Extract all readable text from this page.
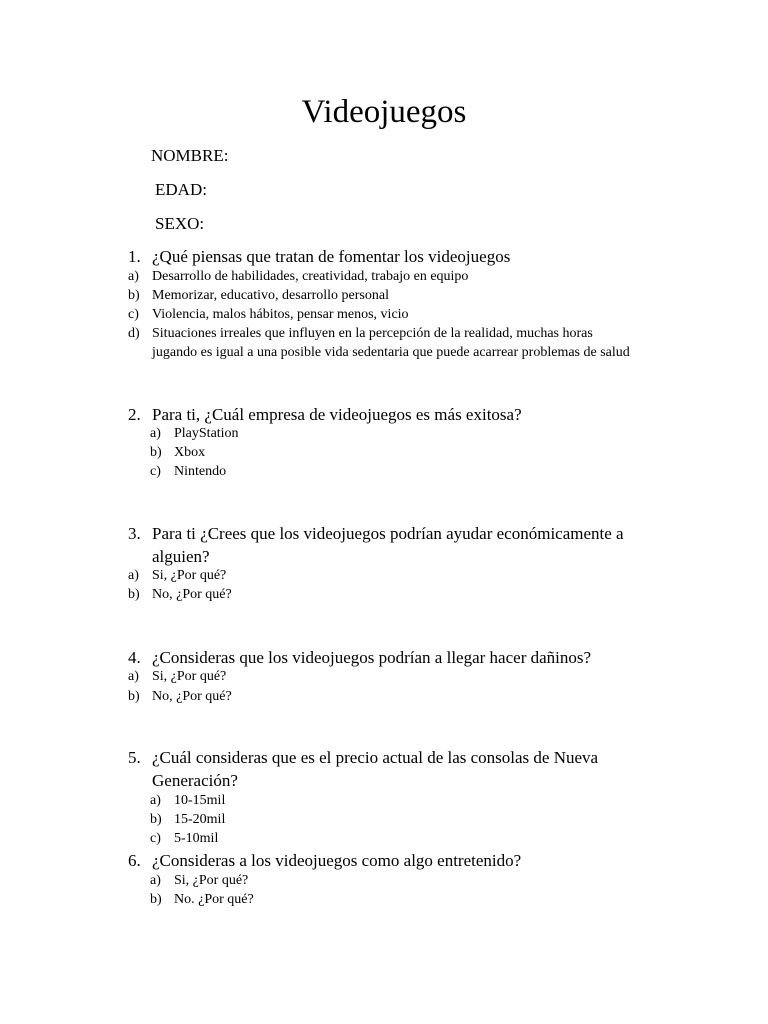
Videojuegos
NOMBRE:
EDAD:
SEXO:
1. ¿Qué piensas que tratan de fomentar los videojuegos
a) Desarrollo de habilidades, creatividad, trabajo en equipo
b) Memorizar, educativo, desarrollo personal
c) Violencia, malos hábitos, pensar menos, vicio
d) Situaciones irreales que influyen en la percepción de la realidad, muchas horas jugando es igual a una posible vida sedentaria que puede acarrear problemas de salud
2. Para ti, ¿Cuál empresa de videojuegos es más exitosa?
a) PlayStation
b) Xbox
c) Nintendo
3. Para ti ¿Crees que los videojuegos podrían ayudar económicamente a alguien?
a) Si, ¿Por qué?
b) No, ¿Por qué?
4. ¿Consideras que los videojuegos podrían a llegar hacer dañinos?
a) Si, ¿Por qué?
b) No, ¿Por qué?
5. ¿Cuál consideras que es el precio actual de las consolas de Nueva Generación?
a) 10-15mil
b) 15-20mil
c) 5-10mil
6. ¿Consideras a los videojuegos como algo entretenido?
a) Si, ¿Por qué?
b) No. ¿Por qué?
